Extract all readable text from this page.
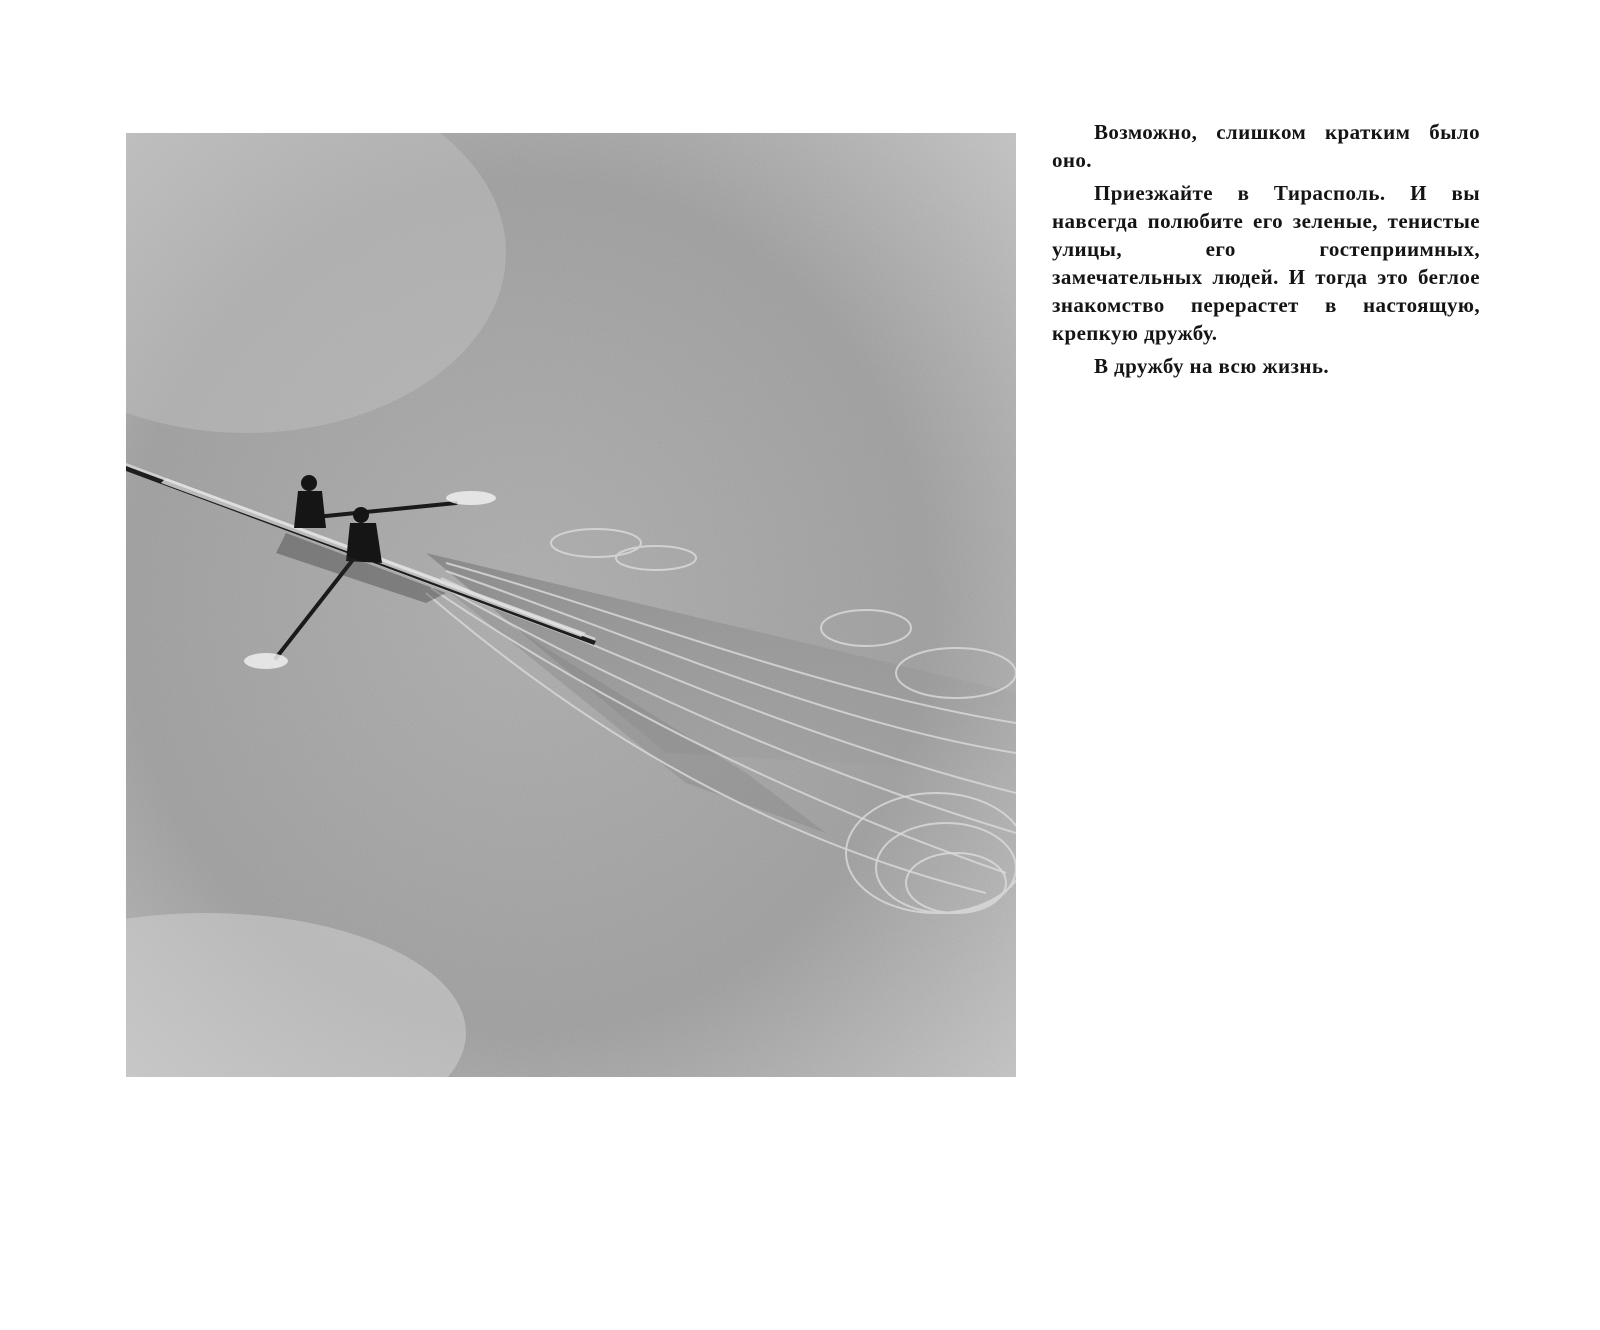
Возможно, слишком кратким было оно.

Приезжайте в Тирасполь. И вы навсегда полюбите его зеленые, тенистые улицы, его гостеприимных, замечательных людей. И тогда это беглое знакомство перерастет в настоящую, крепкую дружбу.

В дружбу на всю жизнь.
